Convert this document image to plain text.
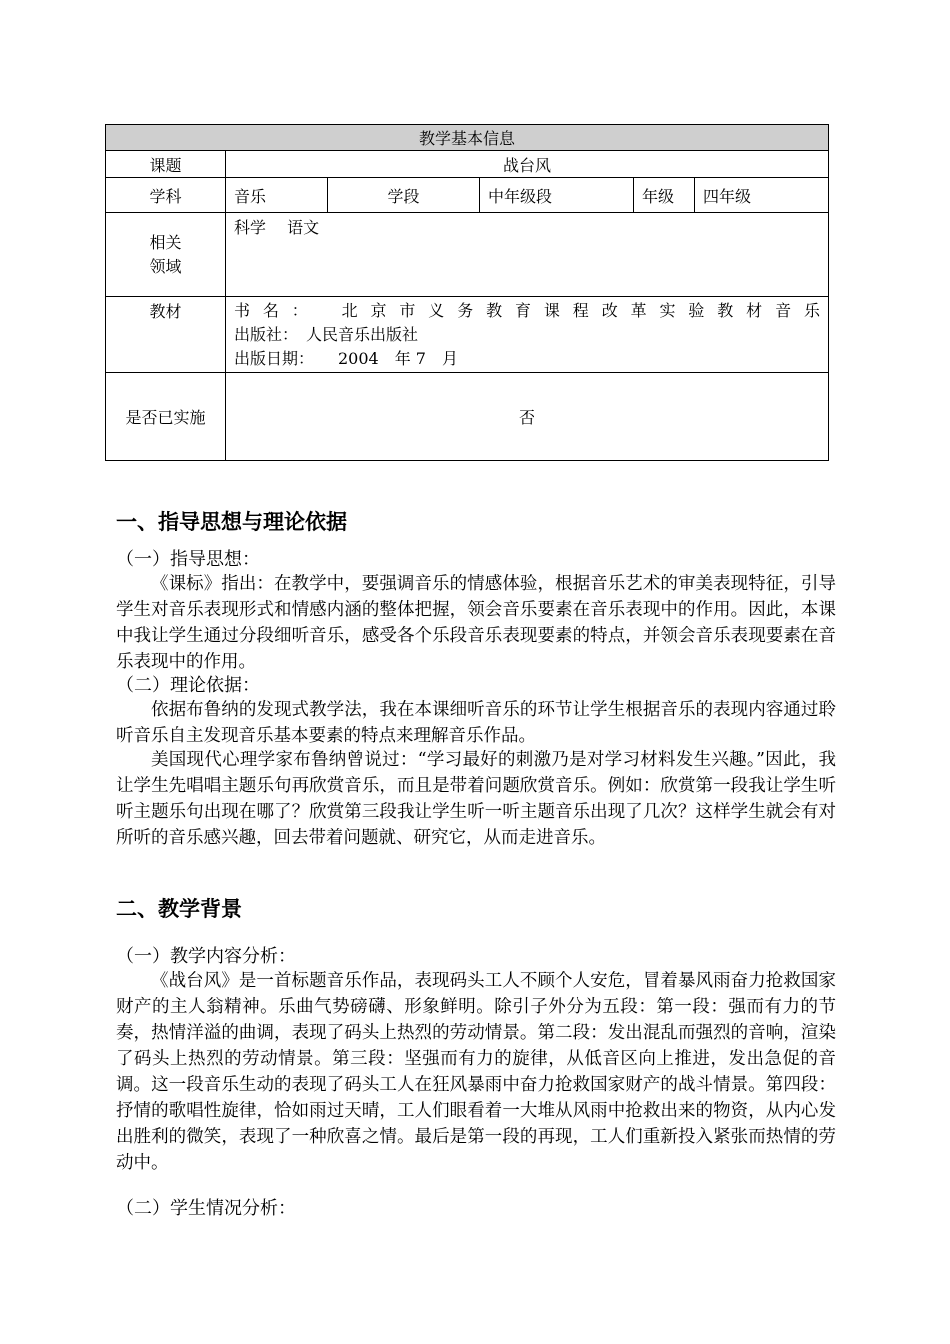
教学基本信息					
课题	战台风				
学科	音乐	学段	中年级段	年级	四年级

相关
领域	科学　 语文				
教材	书名：　北京市义务教育课程改革实验教材音乐
出版社：　人民音乐出版社
出版日期：　　2004　年 7　月				

是否已实施	否				
一、指导思想与理论依据
（一）指导思想：

《课标》指出：在教学中，要强调音乐的情感体验，根据音乐艺术的审美表现特征，引导学生对音乐表现形式和情感内涵的整体把握，领会音乐要素在音乐表现中的作用。因此，本课中我让学生通过分段细听音乐，感受各个乐段音乐表现要素的特点，并领会音乐表现要素在音乐表现中的作用。

（二）理论依据：

依据布鲁纳的发现式教学法，我在本课细听音乐的环节让学生根据音乐的表现内容通过聆听音乐自主发现音乐基本要素的特点来理解音乐作品。

美国现代心理学家布鲁纳曾说过：“学习最好的刺激乃是对学习材料发生兴趣。”因此，我让学生先唱唱主题乐句再欣赏音乐，而且是带着问题欣赏音乐。例如：欣赏第一段我让学生听听主题乐句出现在哪了？欣赏第三段我让学生听一听主题音乐出现了几次？这样学生就会有对所听的音乐感兴趣，回去带着问题就、研究它，从而走进音乐。

二、教学背景
（一）教学内容分析：

《战台风》是一首标题音乐作品，表现码头工人不顾个人安危，冒着暴风雨奋力抢救国家财产的主人翁精神。乐曲气势磅礴、形象鲜明。除引子外分为五段：第一段：强而有力的节奏，热情洋溢的曲调，表现了码头上热烈的劳动情景。第二段：发出混乱而强烈的音响，渲染了码头上热烈的劳动情景。第三段：坚强而有力的旋律，从低音区向上推进，发出急促的音调。这一段音乐生动的表现了码头工人在狂风暴雨中奋力抢救国家财产的战斗情景。第四段：抒情的歌唱性旋律，恰如雨过天晴，工人们眼看着一大堆从风雨中抢救出来的物资，从内心发出胜利的微笑，表现了一种欣喜之情。最后是第一段的再现，工人们重新投入紧张而热情的劳动中。

（二）学生情况分析：
